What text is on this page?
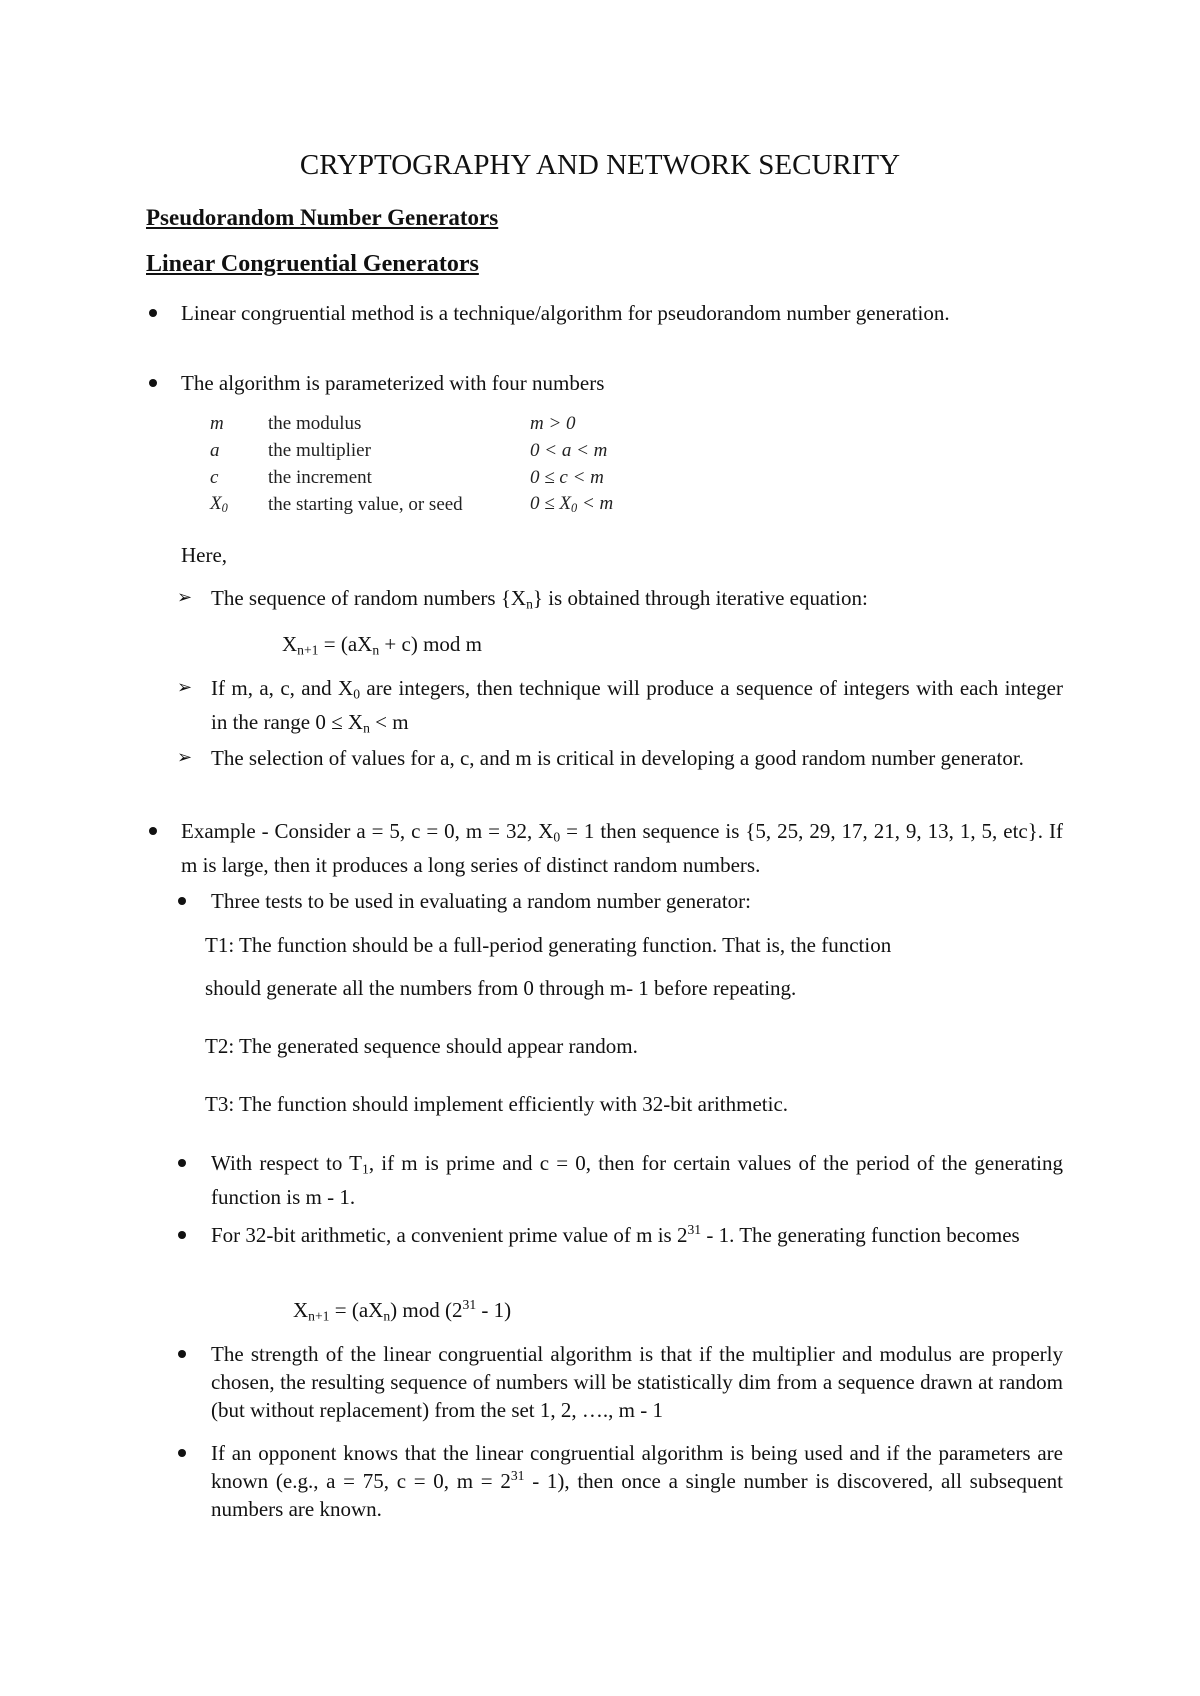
CRYPTOGRAPHY AND NETWORK SECURITY
Pseudorandom Number Generators
Linear Congruential Generators

Linear congruential method is a technique/algorithm for pseudorandom number generation.

The algorithm is parameterized with four numbers

m	the modulus	m > 0
a	the multiplier	0 < a < m
c	the increment	0 ≤ c < m
$X_0$	the starting value, or seed	$0 \le X_0 < m$

Here,

➢ The sequence of random numbers $\{X_n\}$ is obtained through iterative equation:

$X_{n+1} = (aX_n + c)$ mod m

➢ If m, a, c, and $X_0$ are integers, then technique will produce a sequence of integers with each integer in the range $0 \le X_n < m$

➢ The selection of values for a, c, and m is critical in developing a good random number generator.

Example - Consider a = 5, c = 0, m = 32, $X_0 = 1$ then sequence is {5, 25, 29, 17, 21, 9, 13, 1, 5, etc}. If m is large, then it produces a long series of distinct random numbers.

Three tests to be used in evaluating a random number generator:

T1: The function should be a full-period generating function. That is, the function

should generate all the numbers from 0 through m- 1 before repeating.

T2: The generated sequence should appear random.

T3: The function should implement efficiently with 32-bit arithmetic.

With respect to $T_1$, if m is prime and c = 0, then for certain values of the period of the generating function is m - 1.

For 32-bit arithmetic, a convenient prime value of m is $2^{31} - 1$. The generating function becomes

$X_{n+1} = (aX_n)$ mod $(2^{31} - 1)$

The strength of the linear congruential algorithm is that if the multiplier and modulus are properly chosen, the resulting sequence of numbers will be statistically dim from a sequence drawn at random (but without replacement) from the set 1, 2, …., m - 1

If an opponent knows that the linear congruential algorithm is being used and if the parameters are known (e.g., a = 75, c = 0, $m = 2^{31} - 1$), then once a single number is discovered, all subsequent numbers are known.
